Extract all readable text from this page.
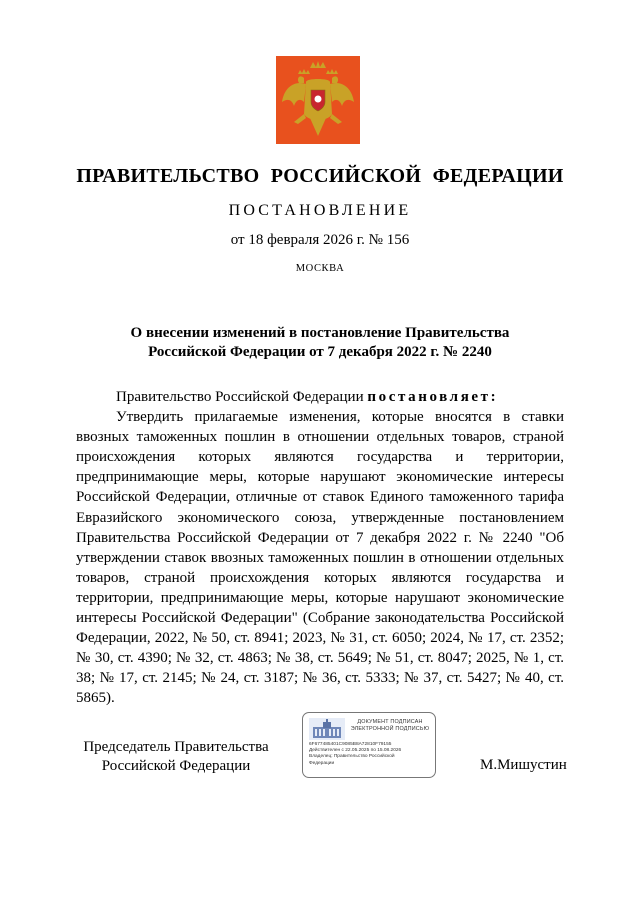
ПРАВИТЕЛЬСТВО РОССИЙСКОЙ ФЕДЕРАЦИИ
ПОСТАНОВЛЕНИЕ
от 18 февраля 2026 г. № 156
МОСКВА
О внесении изменений в постановление Правительства
Российской Федерации от 7 декабря 2022 г. № 2240

Правительство Российской Федерации постановляет:

Утвердить прилагаемые изменения, которые вносятся в ставки ввозных таможенных пошлин в отношении отдельных товаров, страной происхождения которых являются государства и территории, предпринимающие меры, которые нарушают экономические интересы Российской Федерации, отличные от ставок Единого таможенного тарифа Евразийского экономического союза, утвержденные постановлением Правительства Российской Федерации от 7 декабря 2022 г. № 2240 "Об утверждении ставок ввозных таможенных пошлин в отношении отдельных товаров, страной происхождения которых являются государства и территории, предпринимающие меры, которые нарушают экономические интересы Российской Федерации" (Собрание законодательства Российской Федерации, 2022, № 50, ст. 8941; 2023, № 31, ст. 6050; 2024, № 17, ст. 2352; № 30, ст. 4390; № 32, ст. 4863; № 38, ст. 5649; № 51, ст. 8047; 2025, № 1, ст. 38; № 17, ст. 2145; № 24, ст. 3187; № 36, ст. 5333; № 37, ст. 5427; № 40, ст. 5865).

Председатель Правительства
Российской Федерации
ДОКУМЕНТ ПОДПИСАН
ЭЛЕКТРОННОЙ ПОДПИСЬЮ
6F677485401C9085B8A72810F79155
Действителен с 22.05.2025 по 15.08.2026
Владелец: Правительство Российской
Федерации	М.Мишустин
